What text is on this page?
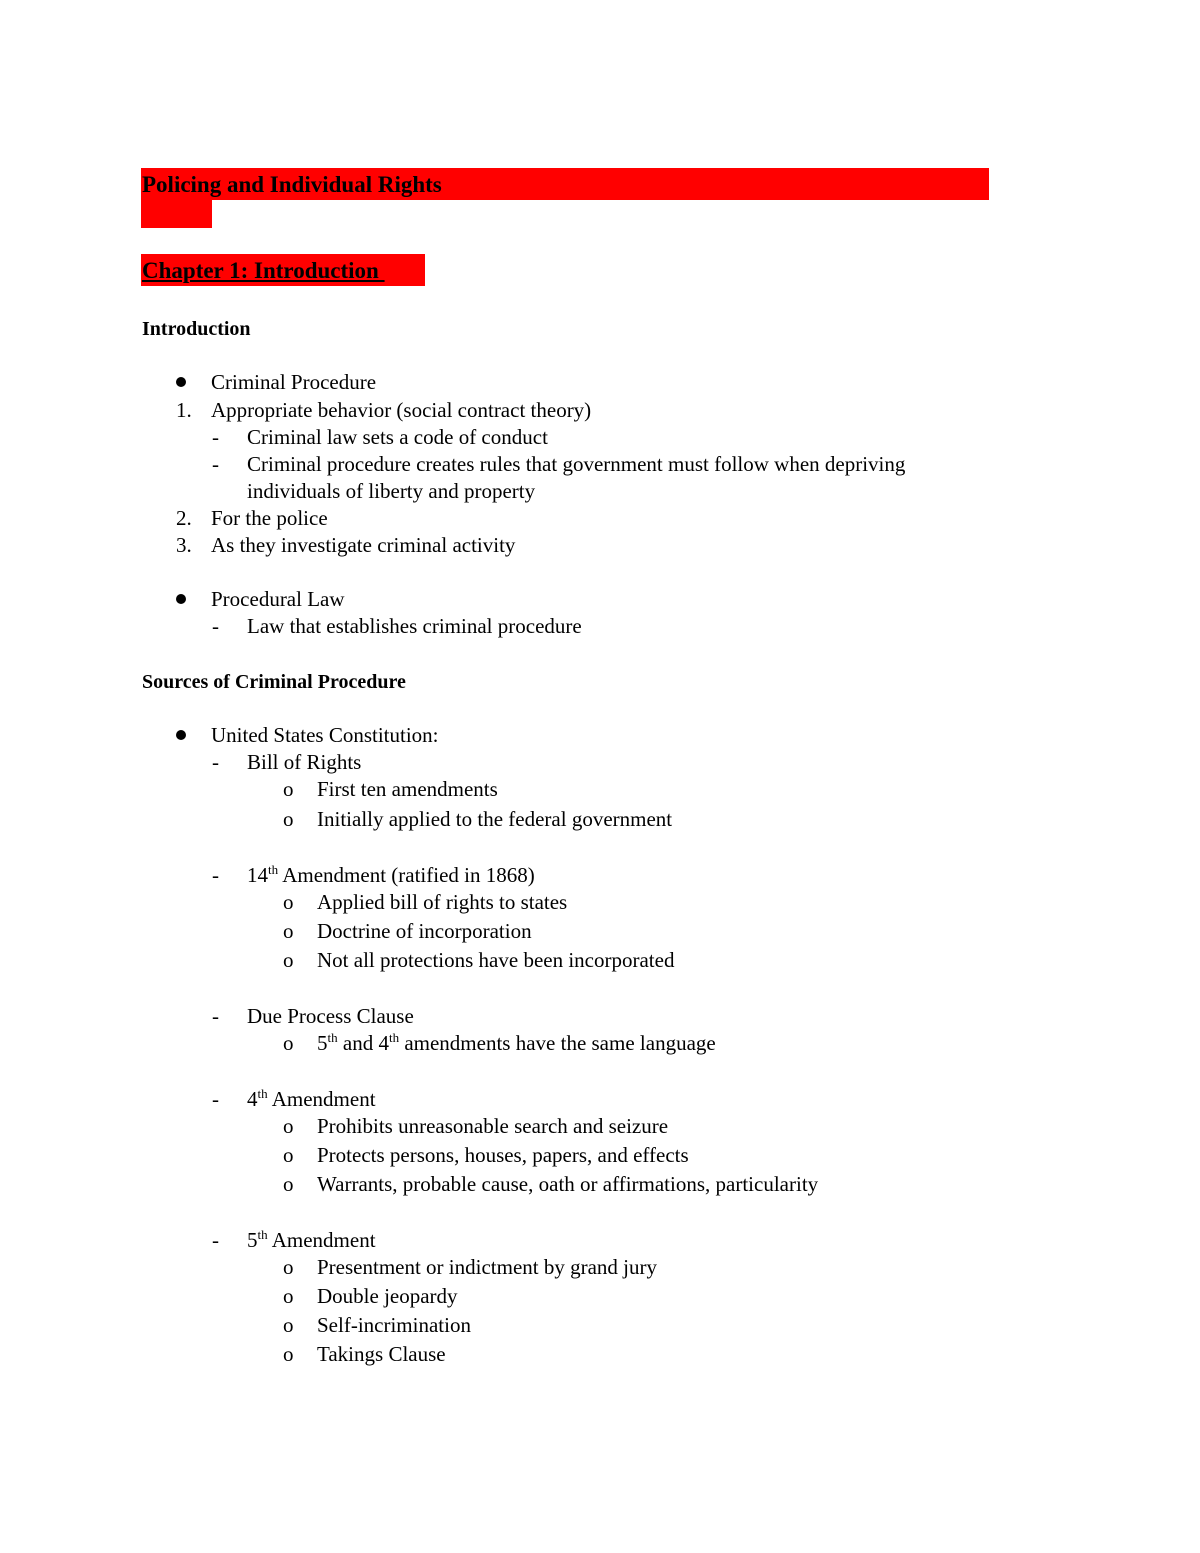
Policing and Individual Rights
Chapter 1: Introduction
Introduction
Criminal Procedure
1. Appropriate behavior (social contract theory)
- Criminal law sets a code of conduct
- Criminal procedure creates rules that government must follow when depriving
individuals of liberty and property
2. For the police
3. As they investigate criminal activity
Procedural Law
- Law that establishes criminal procedure
Sources of Criminal Procedure
United States Constitution:
- Bill of Rights
o First ten amendments
o Initially applied to the federal government
- 14th Amendment (ratified in 1868)
o Applied bill of rights to states
o Doctrine of incorporation
o Not all protections have been incorporated
- Due Process Clause
o 5th and 4th amendments have the same language
- 4th Amendment
o Prohibits unreasonable search and seizure
o Protects persons, houses, papers, and effects
o Warrants, probable cause, oath or affirmations, particularity
- 5th Amendment
o Presentment or indictment by grand jury
o Double jeopardy
o Self-incrimination
o Takings Clause
